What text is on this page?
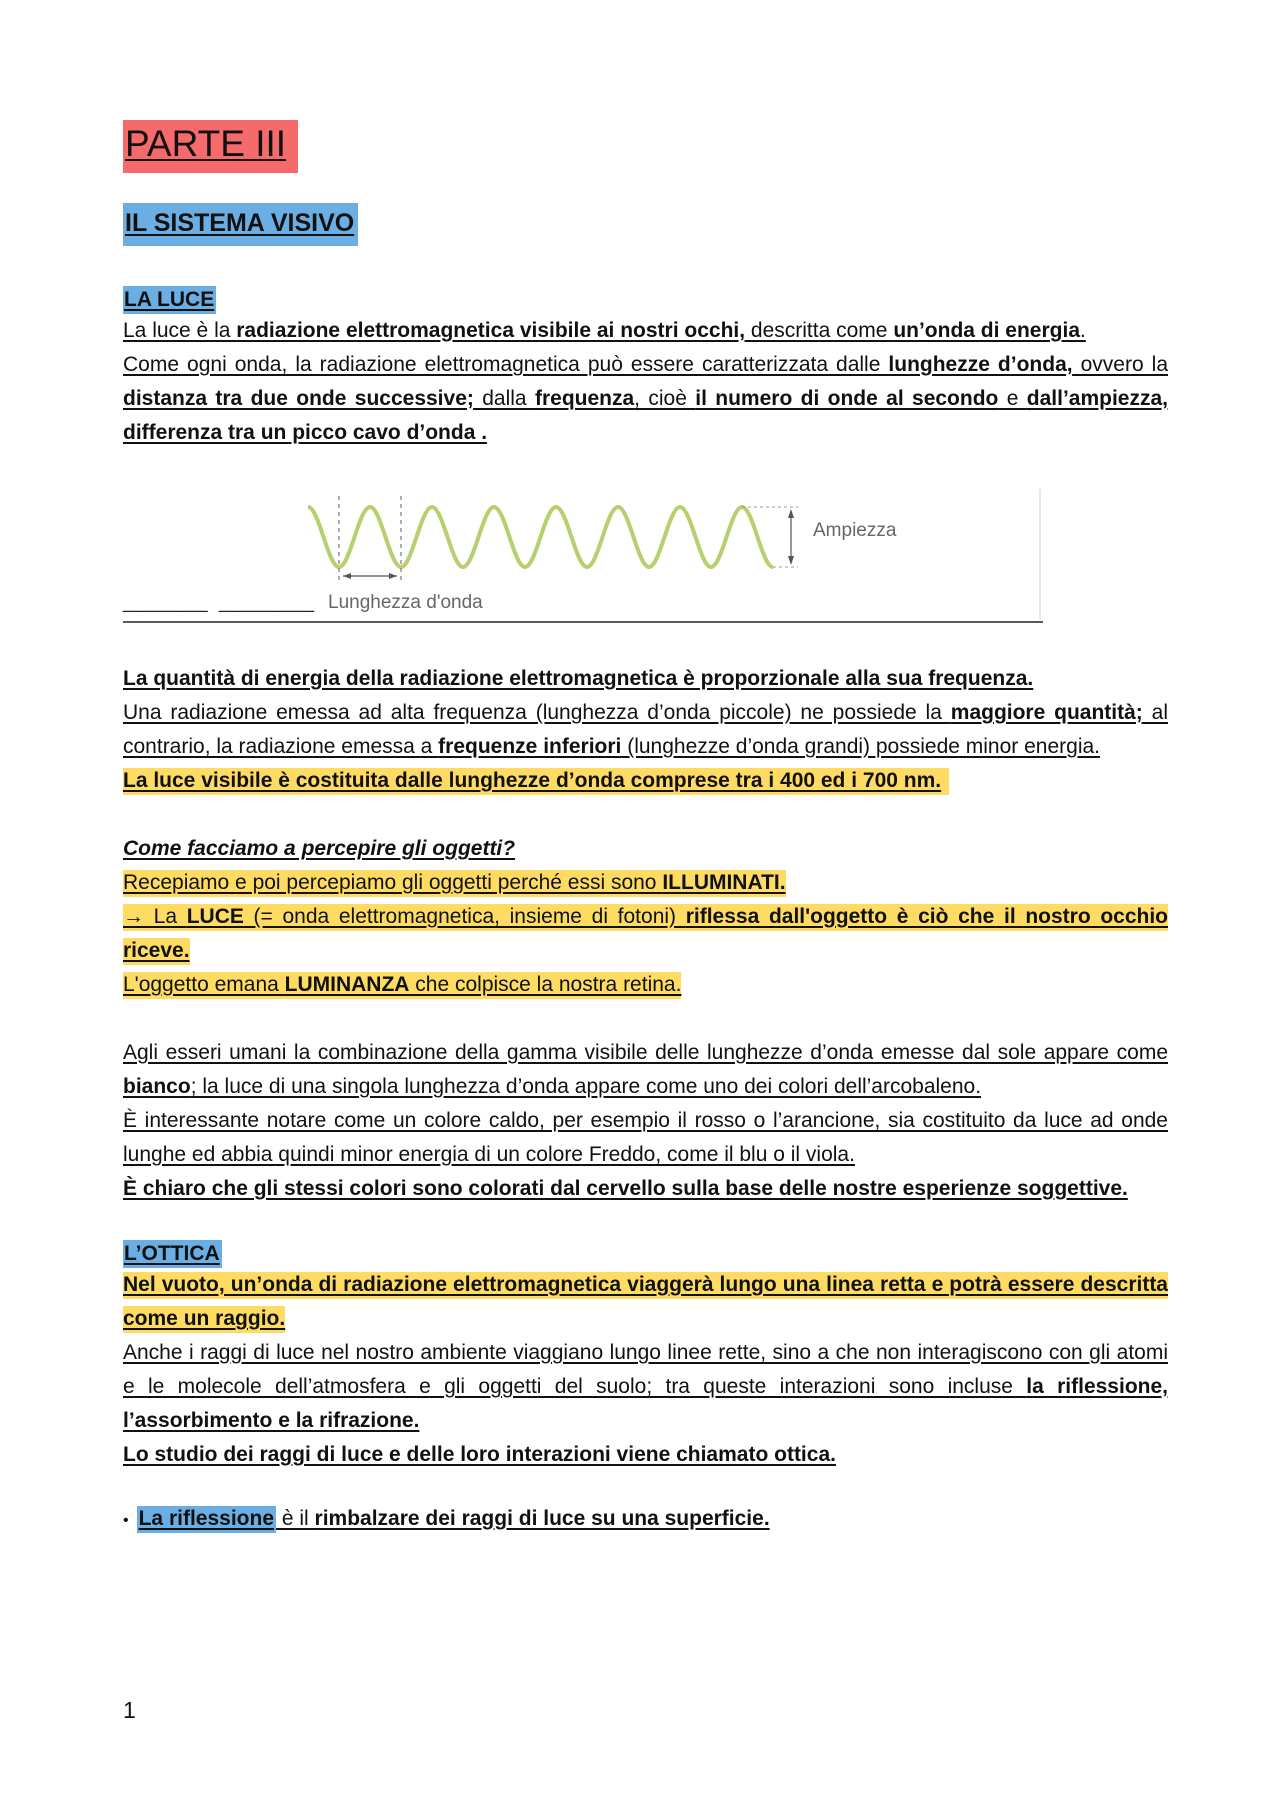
PARTE III
IL SISTEMA VISIVO
LA LUCE

La luce è la radiazione elettromagnetica visibile ai nostri occhi, descritta come un’onda di energia.

Come ogni onda, la radiazione elettromagnetica può essere caratterizzata dalle lunghezze d’onda, ovvero la distanza tra due onde successive; dalla frequenza, cioè il numero di onde al secondo e dall’ampiezza, differenza tra un picco cavo d’onda .

Ampiezza
Lunghezza d'onda
________ _________

La quantità di energia della radiazione elettromagnetica è proporzionale alla sua frequenza.

Una radiazione emessa ad alta frequenza (lunghezza d’onda piccole) ne possiede la maggiore quantità; al contrario, la radiazione emessa a frequenze inferiori (lunghezze d’onda grandi) possiede minor energia.

La luce visibile è costituita dalle lunghezze d’onda comprese tra i 400 ed i 700 nm.

Come facciamo a percepire gli oggetti?

Recepiamo e poi percepiamo gli oggetti perché essi sono ILLUMINATI.

→ La LUCE (= onda elettromagnetica, insieme di fotoni) riflessa dall'oggetto è ciò che il nostro occhio riceve.

L'oggetto emana LUMINANZA che colpisce la nostra retina.

Agli esseri umani la combinazione della gamma visibile delle lunghezze d’onda emesse dal sole appare come bianco; la luce di una singola lunghezza d’onda appare come uno dei colori dell’arcobaleno.

È interessante notare come un colore caldo, per esempio il rosso o l’arancione, sia costituito da luce ad onde lunghe ed abbia quindi minor energia di un colore Freddo, come il blu o il viola.

È chiaro che gli stessi colori sono colorati dal cervello sulla base delle nostre esperienze soggettive.

L’OTTICA

Nel vuoto, un’onda di radiazione elettromagnetica viaggerà lungo una linea retta e potrà essere descritta come un raggio.

Anche i raggi di luce nel nostro ambiente viaggiano lungo linee rette, sino a che non interagiscono con gli atomi e le molecole dell’atmosfera e gli oggetti del suolo; tra queste interazioni sono incluse la riflessione, l’assorbimento e la rifrazione.

Lo studio dei raggi di luce e delle loro interazioni viene chiamato ottica.

• La riflessione è il rimbalzare dei raggi di luce su una superficie.
1
